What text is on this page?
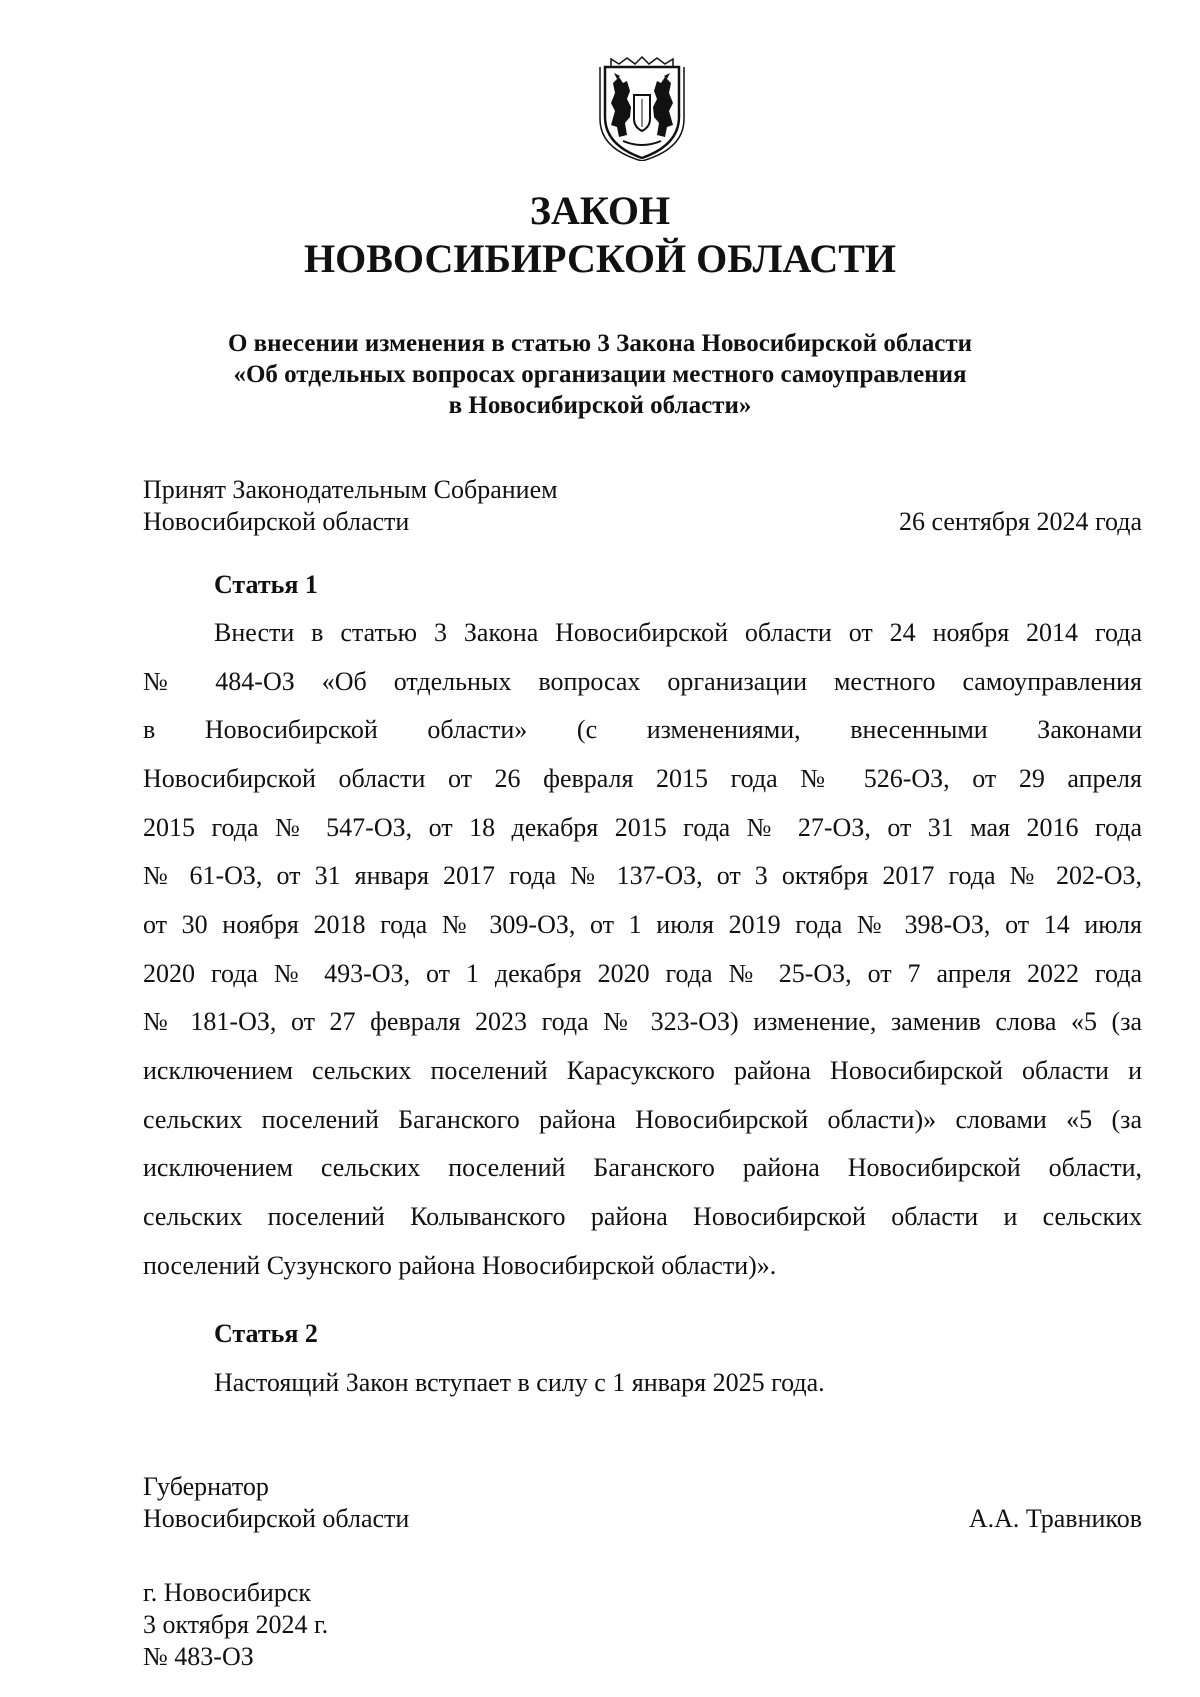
ЗАКОН
НОВОСИБИРСКОЙ ОБЛАСТИ
О внесении изменения в статью 3 Закона Новосибирской области
«Об отдельных вопросах организации местного самоуправления
в Новосибирской области»
Принят Законодательным Собранием
Новосибирской области	26 сентября 2024 года
Статья 1
Внести в статью 3 Закона Новосибирской области от 24 ноября 2014 года
№ 484-ОЗ «Об отдельных вопросах организации местного самоуправления
в Новосибирской области» (с изменениями, внесенными Законами
Новосибирской области от 26 февраля 2015 года № 526-ОЗ, от 29 апреля
2015 года № 547-ОЗ, от 18 декабря 2015 года № 27-ОЗ, от 31 мая 2016 года
№ 61-ОЗ, от 31 января 2017 года № 137-ОЗ, от 3 октября 2017 года № 202-ОЗ,
от 30 ноября 2018 года № 309-ОЗ, от 1 июля 2019 года № 398-ОЗ, от 14 июля
2020 года № 493-ОЗ, от 1 декабря 2020 года № 25-ОЗ, от 7 апреля 2022 года
№ 181-ОЗ, от 27 февраля 2023 года № 323-ОЗ) изменение, заменив слова «5 (за
исключением сельских поселений Карасукского района Новосибирской области и
сельских поселений Баганского района Новосибирской области)» словами «5 (за
исключением сельских поселений Баганского района Новосибирской области,
сельских поселений Колыванского района Новосибирской области и сельских
поселений Сузунского района Новосибирской области)».
Статья 2
Настоящий Закон вступает в силу с 1 января 2025 года.
Губернатор
Новосибирской области	А.А. Травников
г. Новосибирск
3 октября 2024 г.
№ 483-ОЗ
